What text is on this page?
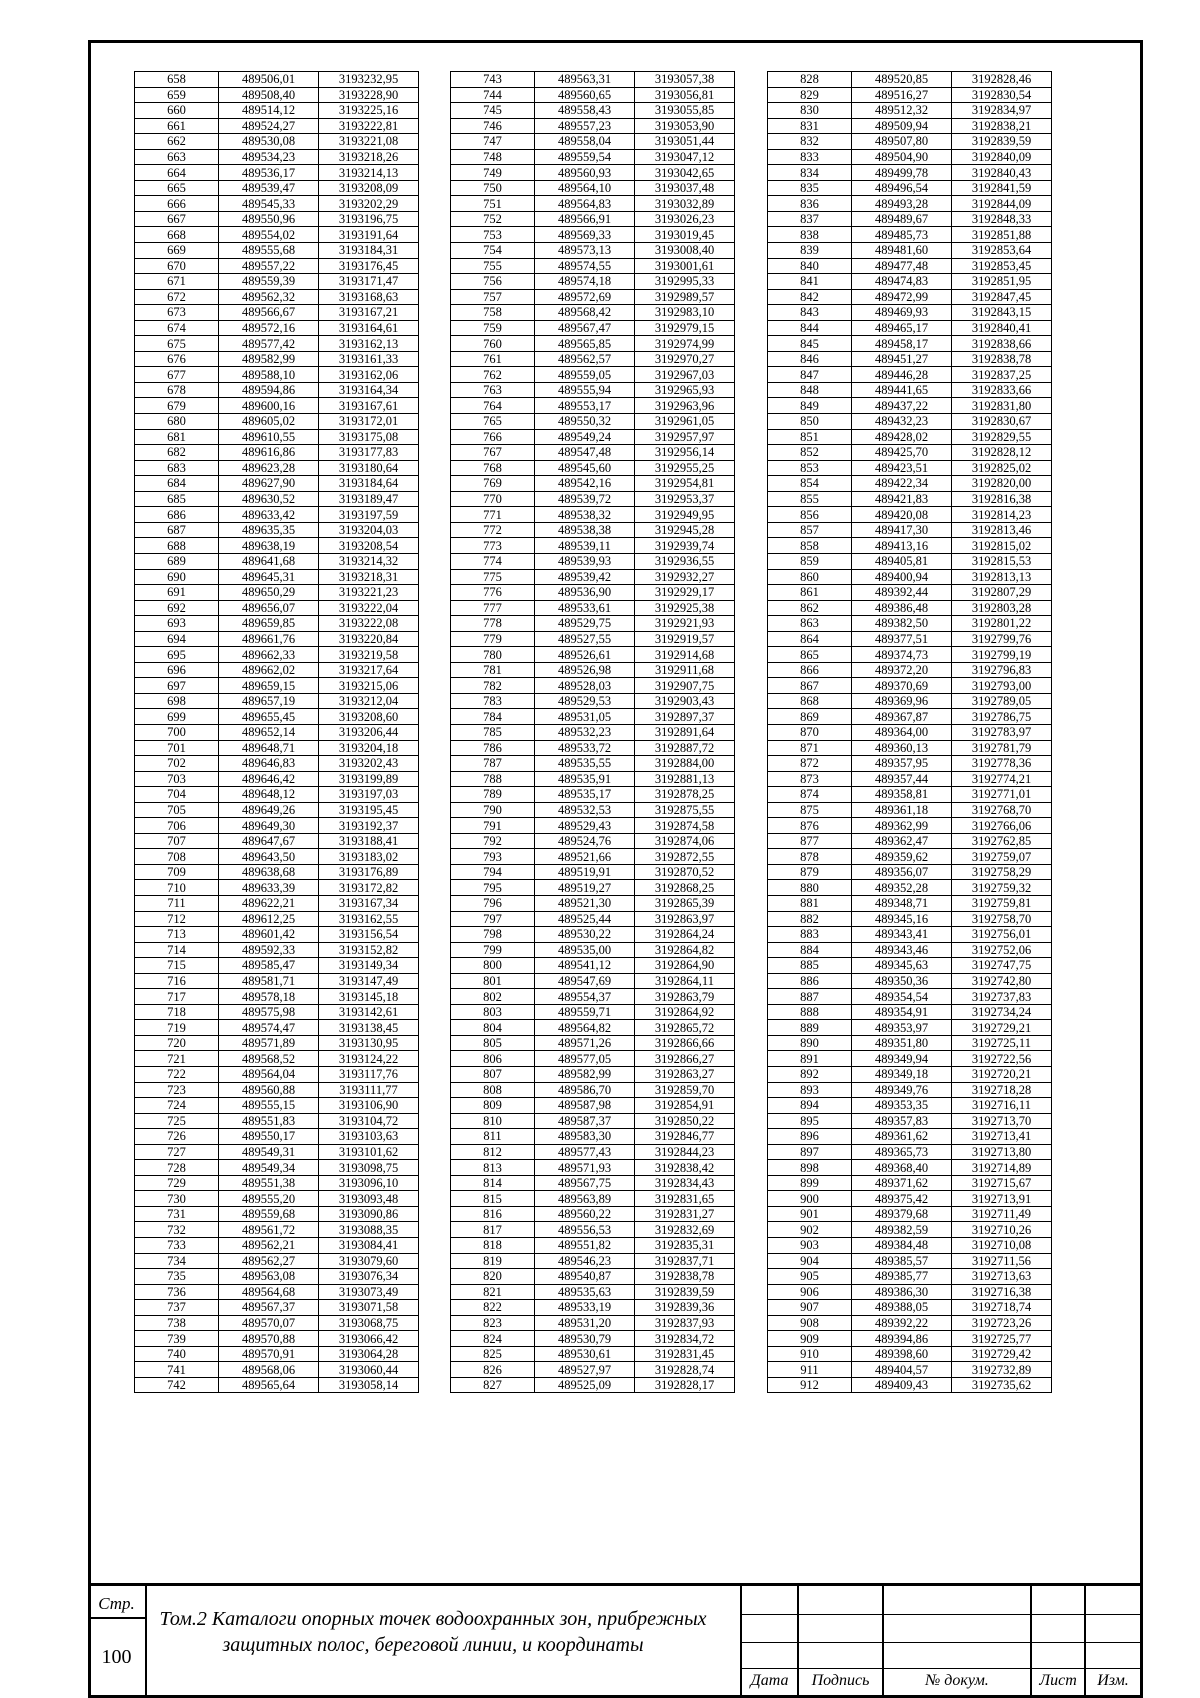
658	489506,01	3193232,95
659	489508,40	3193228,90
660	489514,12	3193225,16
661	489524,27	3193222,81
662	489530,08	3193221,08
663	489534,23	3193218,26
664	489536,17	3193214,13
665	489539,47	3193208,09
666	489545,33	3193202,29
667	489550,96	3193196,75
668	489554,02	3193191,64
669	489555,68	3193184,31
670	489557,22	3193176,45
671	489559,39	3193171,47
672	489562,32	3193168,63
673	489566,67	3193167,21
674	489572,16	3193164,61
675	489577,42	3193162,13
676	489582,99	3193161,33
677	489588,10	3193162,06
678	489594,86	3193164,34
679	489600,16	3193167,61
680	489605,02	3193172,01
681	489610,55	3193175,08
682	489616,86	3193177,83
683	489623,28	3193180,64
684	489627,90	3193184,64
685	489630,52	3193189,47
686	489633,42	3193197,59
687	489635,35	3193204,03
688	489638,19	3193208,54
689	489641,68	3193214,32
690	489645,31	3193218,31
691	489650,29	3193221,23
692	489656,07	3193222,04
693	489659,85	3193222,08
694	489661,76	3193220,84
695	489662,33	3193219,58
696	489662,02	3193217,64
697	489659,15	3193215,06
698	489657,19	3193212,04
699	489655,45	3193208,60
700	489652,14	3193206,44
701	489648,71	3193204,18
702	489646,83	3193202,43
703	489646,42	3193199,89
704	489648,12	3193197,03
705	489649,26	3193195,45
706	489649,30	3193192,37
707	489647,67	3193188,41
708	489643,50	3193183,02
709	489638,68	3193176,89
710	489633,39	3193172,82
711	489622,21	3193167,34
712	489612,25	3193162,55
713	489601,42	3193156,54
714	489592,33	3193152,82
715	489585,47	3193149,34
716	489581,71	3193147,49
717	489578,18	3193145,18
718	489575,98	3193142,61
719	489574,47	3193138,45
720	489571,89	3193130,95
721	489568,52	3193124,22
722	489564,04	3193117,76
723	489560,88	3193111,77
724	489555,15	3193106,90
725	489551,83	3193104,72
726	489550,17	3193103,63
727	489549,31	3193101,62
728	489549,34	3193098,75
729	489551,38	3193096,10
730	489555,20	3193093,48
731	489559,68	3193090,86
732	489561,72	3193088,35
733	489562,21	3193084,41
734	489562,27	3193079,60
735	489563,08	3193076,34
736	489564,68	3193073,49
737	489567,37	3193071,58
738	489570,07	3193068,75
739	489570,88	3193066,42
740	489570,91	3193064,28
741	489568,06	3193060,44
742	489565,64	3193058,14
743	489563,31	3193057,38
744	489560,65	3193056,81
745	489558,43	3193055,85
746	489557,23	3193053,90
747	489558,04	3193051,44
748	489559,54	3193047,12
749	489560,93	3193042,65
750	489564,10	3193037,48
751	489564,83	3193032,89
752	489566,91	3193026,23
753	489569,33	3193019,45
754	489573,13	3193008,40
755	489574,55	3193001,61
756	489574,18	3192995,33
757	489572,69	3192989,57
758	489568,42	3192983,10
759	489567,47	3192979,15
760	489565,85	3192974,99
761	489562,57	3192970,27
762	489559,05	3192967,03
763	489555,94	3192965,93
764	489553,17	3192963,96
765	489550,32	3192961,05
766	489549,24	3192957,97
767	489547,48	3192956,14
768	489545,60	3192955,25
769	489542,16	3192954,81
770	489539,72	3192953,37
771	489538,32	3192949,95
772	489538,38	3192945,28
773	489539,11	3192939,74
774	489539,93	3192936,55
775	489539,42	3192932,27
776	489536,90	3192929,17
777	489533,61	3192925,38
778	489529,75	3192921,93
779	489527,55	3192919,57
780	489526,61	3192914,68
781	489526,98	3192911,68
782	489528,03	3192907,75
783	489529,53	3192903,43
784	489531,05	3192897,37
785	489532,23	3192891,64
786	489533,72	3192887,72
787	489535,55	3192884,00
788	489535,91	3192881,13
789	489535,17	3192878,25
790	489532,53	3192875,55
791	489529,43	3192874,58
792	489524,76	3192874,06
793	489521,66	3192872,55
794	489519,91	3192870,52
795	489519,27	3192868,25
796	489521,30	3192865,39
797	489525,44	3192863,97
798	489530,22	3192864,24
799	489535,00	3192864,82
800	489541,12	3192864,90
801	489547,69	3192864,11
802	489554,37	3192863,79
803	489559,71	3192864,92
804	489564,82	3192865,72
805	489571,26	3192866,66
806	489577,05	3192866,27
807	489582,99	3192863,27
808	489586,70	3192859,70
809	489587,98	3192854,91
810	489587,37	3192850,22
811	489583,30	3192846,77
812	489577,43	3192844,23
813	489571,93	3192838,42
814	489567,75	3192834,43
815	489563,89	3192831,65
816	489560,22	3192831,27
817	489556,53	3192832,69
818	489551,82	3192835,31
819	489546,23	3192837,71
820	489540,87	3192838,78
821	489535,63	3192839,59
822	489533,19	3192839,36
823	489531,20	3192837,93
824	489530,79	3192834,72
825	489530,61	3192831,45
826	489527,97	3192828,74
827	489525,09	3192828,17
828	489520,85	3192828,46
829	489516,27	3192830,54
830	489512,32	3192834,97
831	489509,94	3192838,21
832	489507,80	3192839,59
833	489504,90	3192840,09
834	489499,78	3192840,43
835	489496,54	3192841,59
836	489493,28	3192844,09
837	489489,67	3192848,33
838	489485,73	3192851,88
839	489481,60	3192853,64
840	489477,48	3192853,45
841	489474,83	3192851,95
842	489472,99	3192847,45
843	489469,93	3192843,15
844	489465,17	3192840,41
845	489458,17	3192838,66
846	489451,27	3192838,78
847	489446,28	3192837,25
848	489441,65	3192833,66
849	489437,22	3192831,80
850	489432,23	3192830,67
851	489428,02	3192829,55
852	489425,70	3192828,12
853	489423,51	3192825,02
854	489422,34	3192820,00
855	489421,83	3192816,38
856	489420,08	3192814,23
857	489417,30	3192813,46
858	489413,16	3192815,02
859	489405,81	3192815,53
860	489400,94	3192813,13
861	489392,44	3192807,29
862	489386,48	3192803,28
863	489382,50	3192801,22
864	489377,51	3192799,76
865	489374,73	3192799,19
866	489372,20	3192796,83
867	489370,69	3192793,00
868	489369,96	3192789,05
869	489367,87	3192786,75
870	489364,00	3192783,97
871	489360,13	3192781,79
872	489357,95	3192778,36
873	489357,44	3192774,21
874	489358,81	3192771,01
875	489361,18	3192768,70
876	489362,99	3192766,06
877	489362,47	3192762,85
878	489359,62	3192759,07
879	489356,07	3192758,29
880	489352,28	3192759,32
881	489348,71	3192759,81
882	489345,16	3192758,70
883	489343,41	3192756,01
884	489343,46	3192752,06
885	489345,63	3192747,75
886	489350,36	3192742,80
887	489354,54	3192737,83
888	489354,91	3192734,24
889	489353,97	3192729,21
890	489351,80	3192725,11
891	489349,94	3192722,56
892	489349,18	3192720,21
893	489349,76	3192718,28
894	489353,35	3192716,11
895	489357,83	3192713,70
896	489361,62	3192713,41
897	489365,73	3192713,80
898	489368,40	3192714,89
899	489371,62	3192715,67
900	489375,42	3192713,91
901	489379,68	3192711,49
902	489382,59	3192710,26
903	489384,48	3192710,08
904	489385,57	3192711,56
905	489385,77	3192713,63
906	489386,30	3192716,38
907	489388,05	3192718,74
908	489392,22	3192723,26
909	489394,86	3192725,77
910	489398,60	3192729,42
911	489404,57	3192732,89
912	489409,43	3192735,62
Стр.
100
Том.2 Каталоги опорных точек водоохранных зон, прибрежных
защитных полос, береговой линии, и координаты
Дата	Подпись	№ докум.	Лист	Изм.
